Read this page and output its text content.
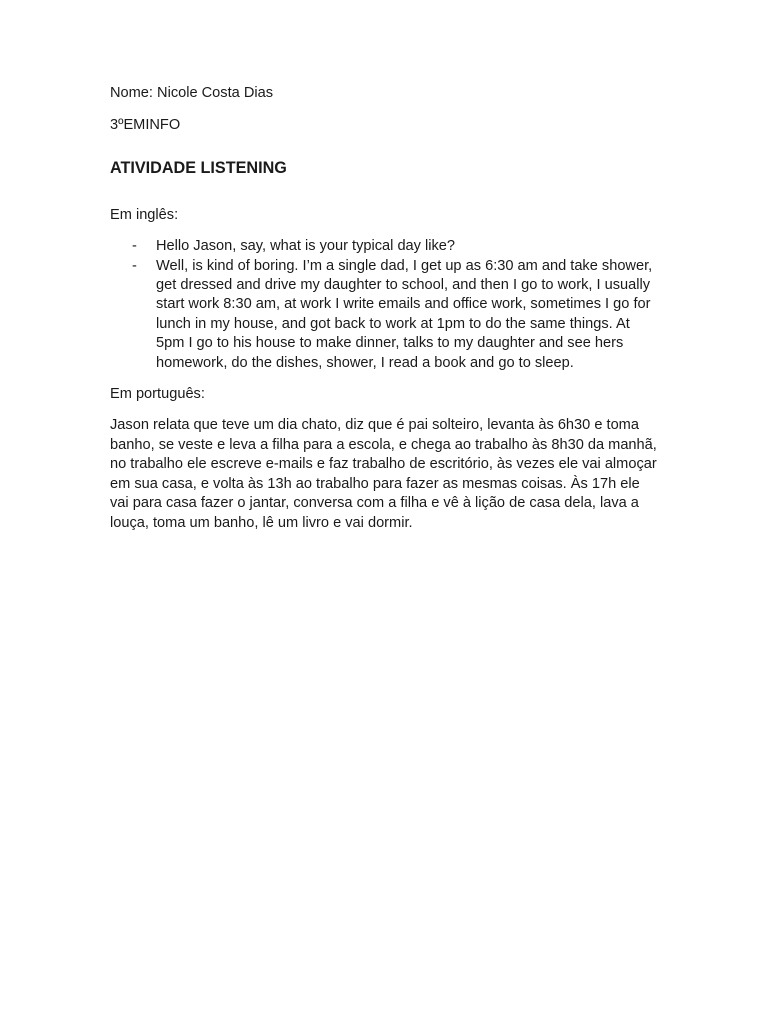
Nome: Nicole Costa Dias

3ºEMINFO

ATIVIDADE LISTENING

Em inglês:

- Hello Jason, say, what is your typical day like?
- Well, is kind of boring. I’m a single dad, I get up as 6:30 am and take shower, get dressed and drive my daughter to school, and then I go to work, I usually start work 8:30 am, at work I write emails and office work, sometimes I go for lunch in my house, and got back to work at 1pm to do the same things. At 5pm I go to his house to make dinner, talks to my daughter and see hers homework, do the dishes, shower, I read a book and go to sleep.

Em português:

Jason relata que teve um dia chato, diz que é pai solteiro, levanta às 6h30 e toma banho, se veste e leva a filha para a escola, e chega ao trabalho às 8h30 da manhã, no trabalho ele escreve e-mails e faz trabalho de escritório, às vezes ele vai almoçar em sua casa, e volta às 13h ao trabalho para fazer as mesmas coisas. Às 17h ele vai para casa fazer o jantar, conversa com a filha e vê à lição de casa dela, lava a louça, toma um banho, lê um livro e vai dormir.
